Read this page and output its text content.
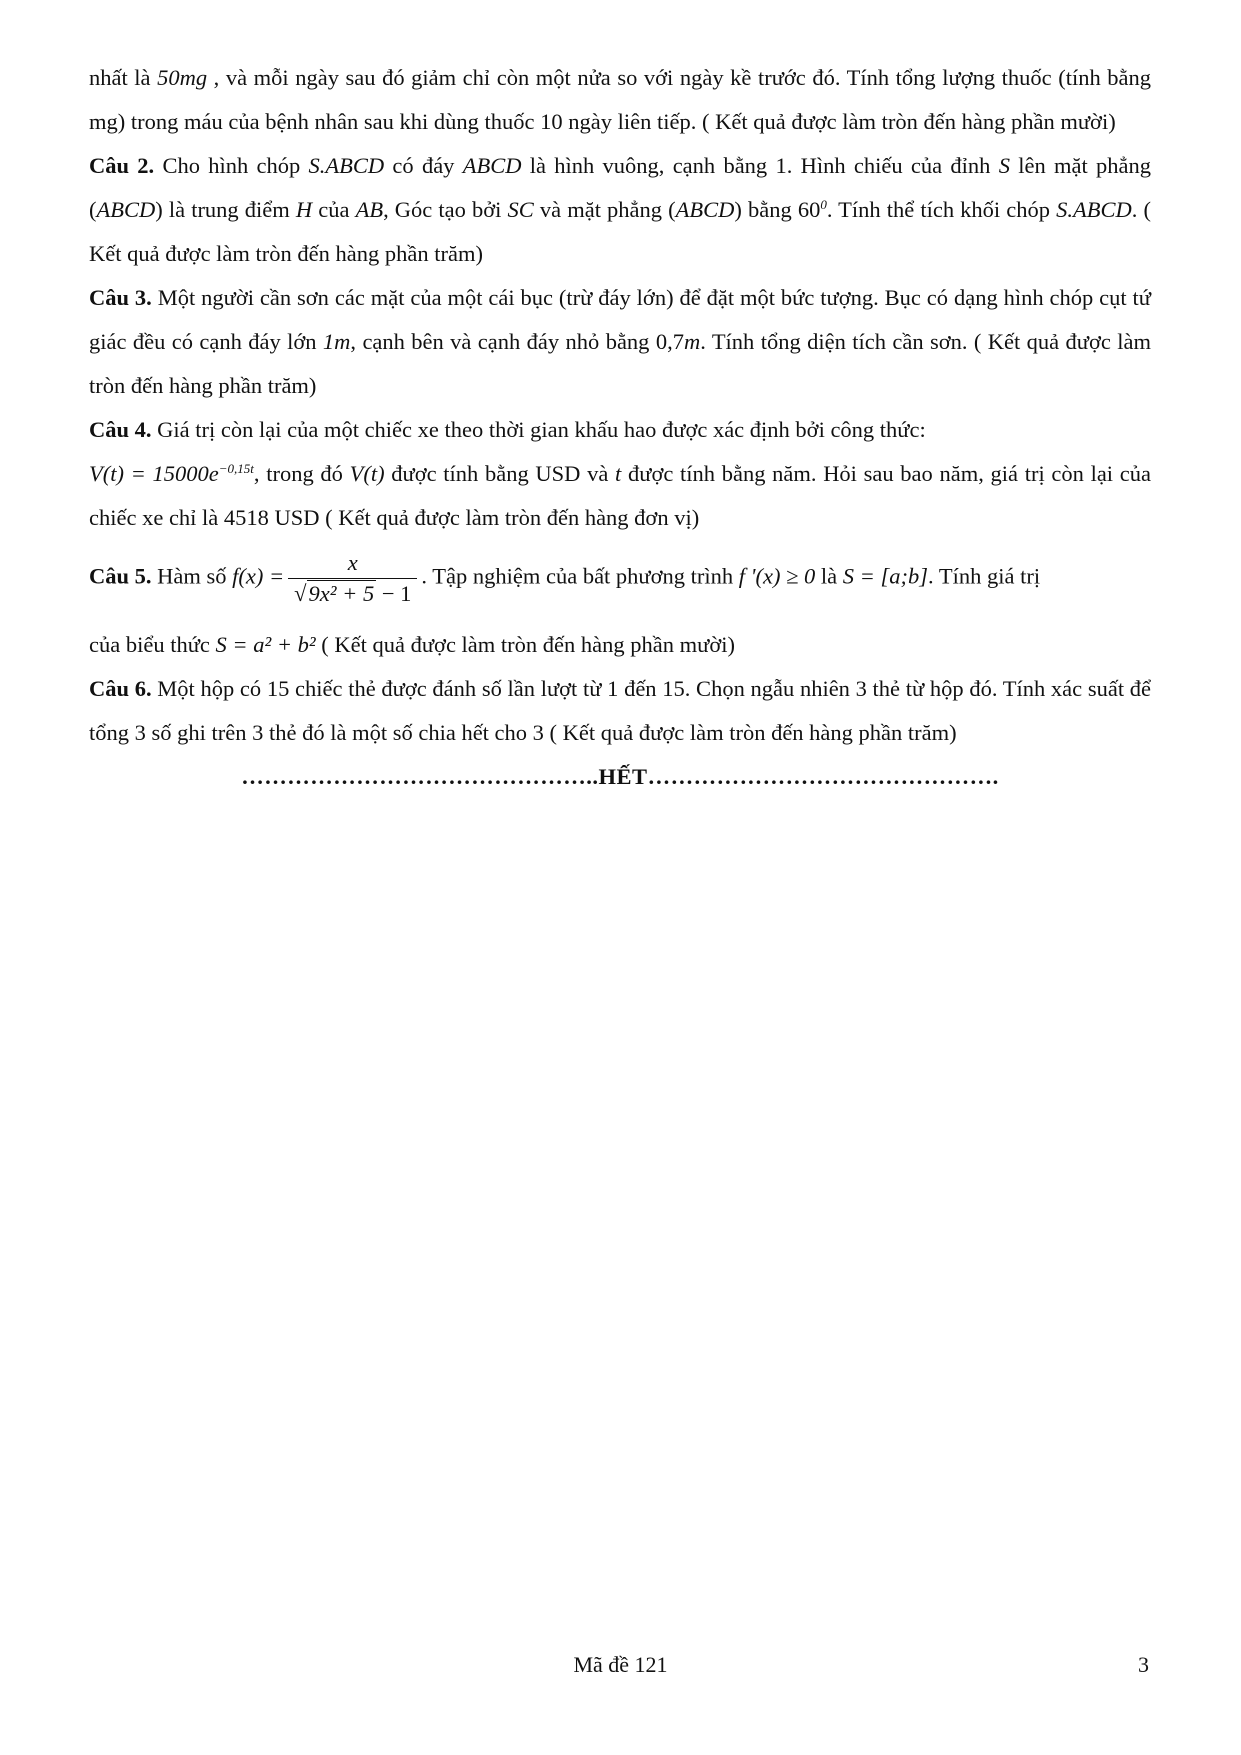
nhất là 50mg , và mỗi ngày sau đó giảm chỉ còn một nửa so với ngày kề trước đó. Tính tổng lượng thuốc (tính bằng mg) trong máu của bệnh nhân sau khi dùng thuốc 10 ngày liên tiếp. ( Kết quả được làm tròn đến hàng phần mười)

Câu 2. Cho hình chóp S.ABCD có đáy ABCD là hình vuông, cạnh bằng 1. Hình chiếu của đỉnh S lên mặt phẳng (ABCD) là trung điểm H của AB, Góc tạo bởi SC và mặt phẳng (ABCD) bằng $60^0$. Tính thể tích khối chóp S.ABCD. ( Kết quả được làm tròn đến hàng phần trăm)

Câu 3. Một người cần sơn các mặt của một cái bục (trừ đáy lớn) để đặt một bức tượng. Bục có dạng hình chóp cụt tứ giác đều có cạnh đáy lớn 1m, cạnh bên và cạnh đáy nhỏ bằng 0,7m. Tính tổng diện tích cần sơn. ( Kết quả được làm tròn đến hàng phần trăm)

Câu 4. Giá trị còn lại của một chiếc xe theo thời gian khấu hao được xác định bởi công thức:
$V(t) = 15000e^{-0,15t}$, trong đó V(t) được tính bằng USD và t được tính bằng năm. Hỏi sau bao năm, giá trị còn lại của chiếc xe chỉ là 4518 USD ( Kết quả được làm tròn đến hàng đơn vị)

Câu 5. Hàm số $f(x) = \frac{x}{\text{√9x² + 5 − 1}}$ . Tập nghiệm của bất phương trình f '(x) ≥ 0 là S = [a;b]. Tính giá trị

của biểu thức S = a² + b² ( Kết quả được làm tròn đến hàng phần mười)

Câu 6. Một hộp có 15 chiếc thẻ được đánh số lần lượt từ 1 đến 15. Chọn ngẫu nhiên 3 thẻ từ hộp đó. Tính xác suất để tổng 3 số ghi trên 3 thẻ đó là một số chia hết cho 3 ( Kết quả được làm tròn đến hàng phần trăm)

………………………………………..HẾT……………………………………….

Mã đề 121	3
